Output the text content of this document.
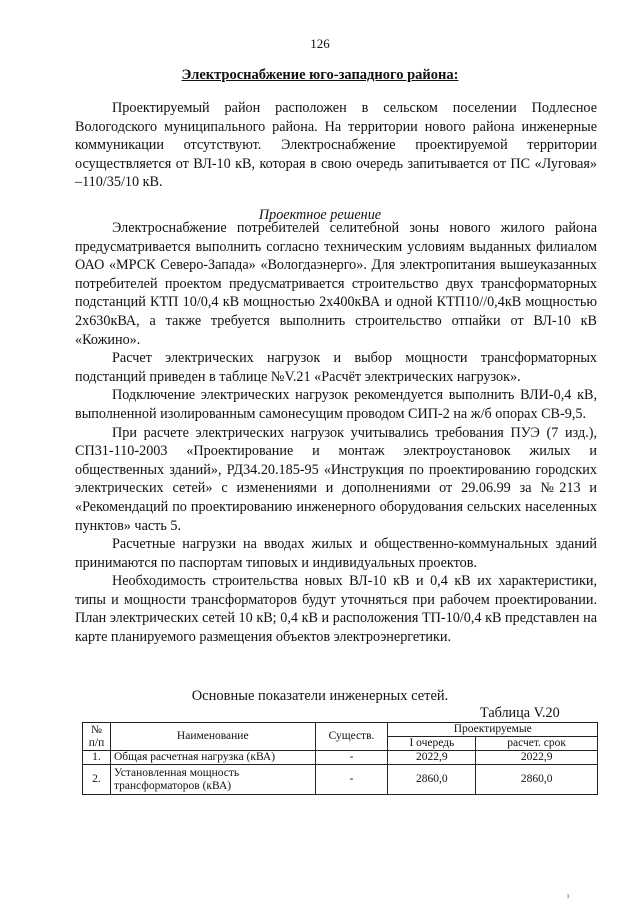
126
Электроснабжение юго-западного района:

Проектируемый район расположен в сельском поселении Подлесное Вологодского муниципального района. На территории нового района инженерные коммуникации отсутствуют. Электроснабжение проектируемой территории осуществляется от ВЛ-10 кВ, которая в свою очередь запитывается от ПС «Луговая» –110/35/10 кВ.

Проектное решение

Электроснабжение потребителей селитебной зоны нового жилого района предусматривается выполнить согласно техническим условиям выданных филиалом ОАО «МРСК Северо-Запада» «Вологдаэнерго». Для электропитания вышеуказанных потребителей проектом предусматривается строительство двух трансформаторных подстанций КТП 10/0,4 кВ мощностью 2х400кВА и одной КТП10//0,4кВ мощностью 2х630кВА, а также требуется выполнить строительство отпайки от ВЛ-10 кВ «Кожино».

Расчет электрических нагрузок и выбор мощности трансформаторных подстанций приведен в таблице №V.21 «Расчёт электрических нагрузок».

Подключение электрических нагрузок рекомендуется выполнить ВЛИ-0,4 кВ, выполненной изолированным самонесущим проводом СИП-2 на ж/б опорах СВ-9,5.

При расчете электрических нагрузок учитывались требования ПУЭ (7 изд.), СП31-110-2003 «Проектирование и монтаж электроустановок жилых и общественных зданий», РД34.20.185-95 «Инструкция по проектированию городских электрических сетей» с изменениями и дополнениями от 29.06.99 за №213 и «Рекомендаций по проектированию инженерного оборудования сельских населенных пунктов» часть 5.

Расчетные нагрузки на вводах жилых и общественно-коммунальных зданий принимаются по паспортам типовых и индивидуальных проектов.

Необходимость строительства новых ВЛ-10 кВ и 0,4 кВ их характеристики, типы и мощности трансформаторов будут уточняться при рабочем проектировании. План электрических сетей 10 кВ; 0,4 кВ и расположения ТП-10/0,4 кВ представлен на карте планируемого размещения объектов электроэнергетики.

Основные показатели инженерных сетей.
Таблица V.20
№ п/п	Наименование	Существ.	Проектируемые	
			I очередь	расчет. срок
1.	Общая расчетная нагрузка (кВА)	-	2022,9	2022,9
2.	Установленная мощность трансформаторов (кВА)	-	2860,0	2860,0
ı
